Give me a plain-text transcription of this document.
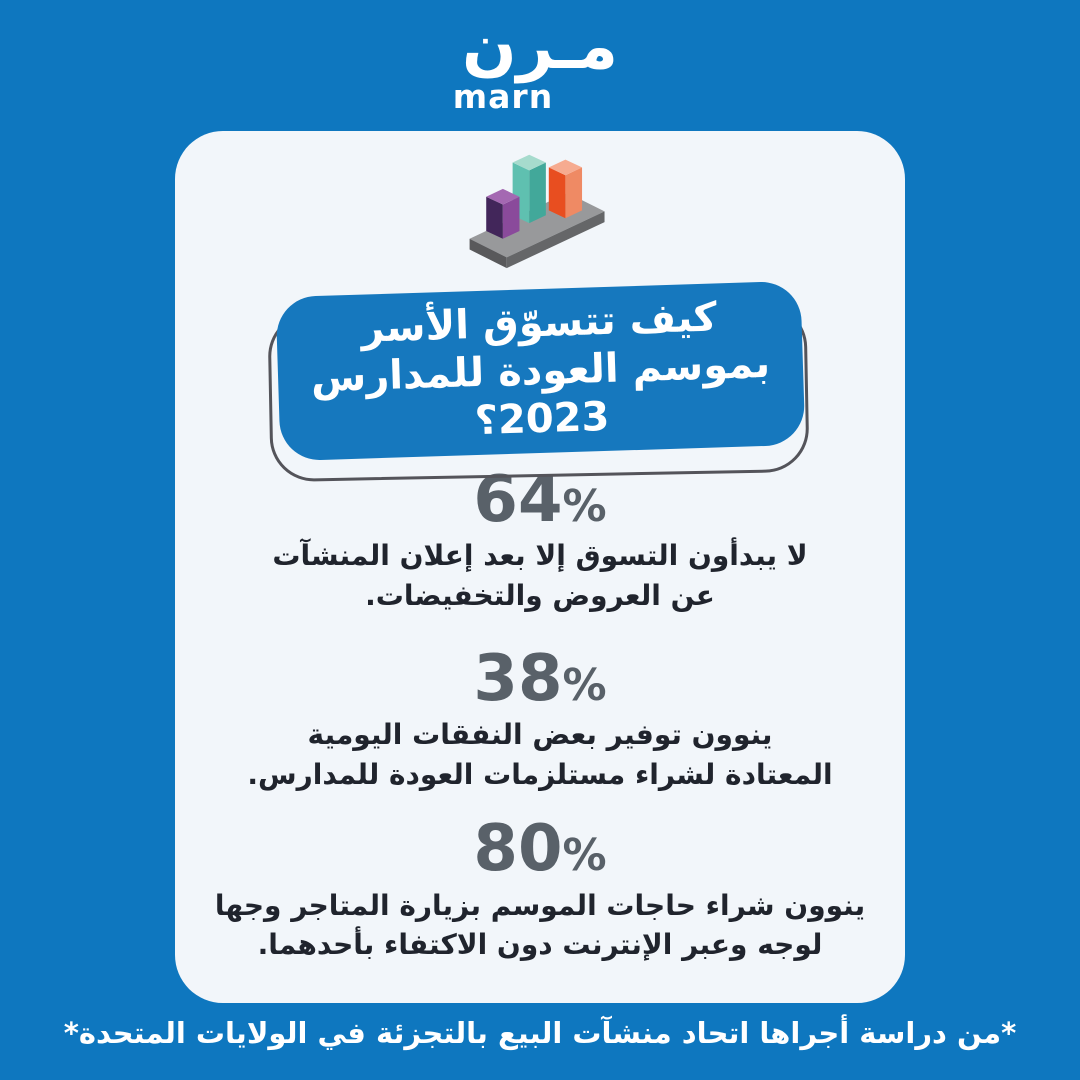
مـرن
marn
كيف تتسوّق الأسر
بموسم العودة للمدارس
2023؟
64%
لا يبدأون التسوق إلا بعد إعلان المنشآت
عن العروض والتخفيضات.
38%
ينوون توفير بعض النفقات اليومية
المعتادة لشراء مستلزمات العودة للمدارس.
80%
ينوون شراء حاجات الموسم بزيارة المتاجر وجها
لوجه وعبر الإنترنت دون الاكتفاء بأحدهما.
*من دراسة أجراها اتحاد منشآت البيع بالتجزئة في الولايات المتحدة*
